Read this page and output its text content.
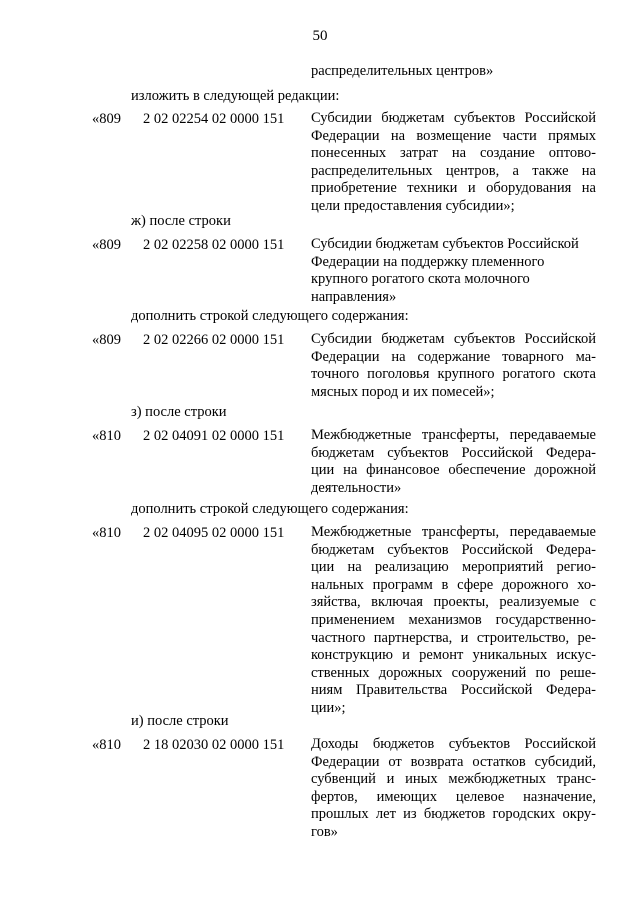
50
распределительных центров»
изложить в следующей редакции:
«809 2 02 02254 02 0000 151 Субсидии бюджетам субъектов Российской
Федерации на возмещение части прямых
понесенных затрат на создание оптово-
распределительных центров, а также на
приобретение техники и оборудования на
цели предоставления субсидии»;
ж) после строки
«809 2 02 02258 02 0000 151 Субсидии бюджетам субъектов Российской
Федерации на поддержку племенного
крупного рогатого скота молочного
направления»
дополнить строкой следующего содержания:
«809 2 02 02266 02 0000 151 Субсидии бюджетам субъектов Российской
Федерации на содержание товарного ма-
точного поголовья крупного рогатого скота
мясных пород и их помесей»;
з) после строки
«810 2 02 04091 02 0000 151 Межбюджетные трансферты, передаваемые
бюджетам субъектов Российской Федера-
ции на финансовое обеспечение дорожной
деятельности»
дополнить строкой следующего содержания:
«810 2 02 04095 02 0000 151 Межбюджетные трансферты, передаваемые
бюджетам субъектов Российской Федера-
ции на реализацию мероприятий регио-
нальных программ в сфере дорожного хо-
зяйства, включая проекты, реализуемые с
применением механизмов государственно-
частного партнерства, и строительство, ре-
конструкцию и ремонт уникальных искус-
ственных дорожных сооружений по реше-
ниям Правительства Российской Федера-
ции»;
и) после строки
«810 2 18 02030 02 0000 151 Доходы бюджетов субъектов Российской
Федерации от возврата остатков субсидий,
субвенций и иных межбюджетных транс-
фертов, имеющих целевое назначение,
прошлых лет из бюджетов городских окру-
гов»
